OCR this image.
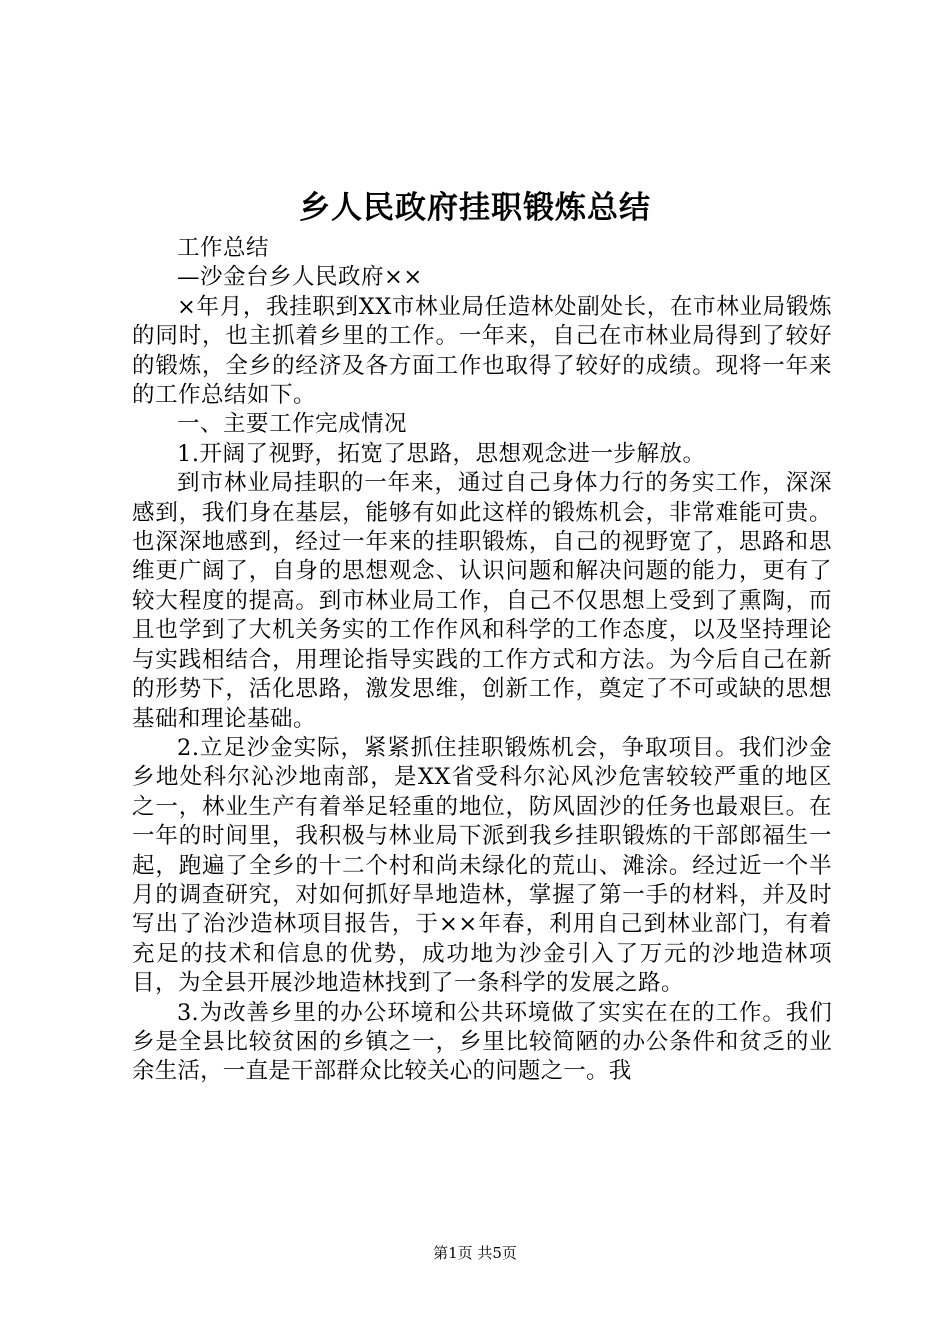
乡人民政府挂职锻炼总结

工作总结

—沙金台乡人民政府××

×年月，我挂职到XX市林业局任造林处副处长，在市林业局锻炼的同时，也主抓着乡里的工作。一年来，自己在市林业局得到了较好的锻炼，全乡的经济及各方面工作也取得了较好的成绩。现将一年来的工作总结如下。

一、主要工作完成情况

1.开阔了视野，拓宽了思路，思想观念进一步解放。

到市林业局挂职的一年来，通过自己身体力行的务实工作，深深感到，我们身在基层，能够有如此这样的锻炼机会，非常难能可贵。也深深地感到，经过一年来的挂职锻炼，自己的视野宽了，思路和思维更广阔了，自身的思想观念、认识问题和解决问题的能力，更有了较大程度的提高。到市林业局工作，自己不仅思想上受到了熏陶，而且也学到了大机关务实的工作作风和科学的工作态度，以及坚持理论与实践相结合，用理论指导实践的工作方式和方法。为今后自己在新的形势下，活化思路，激发思维，创新工作，奠定了不可或缺的思想基础和理论基础。

2.立足沙金实际，紧紧抓住挂职锻炼机会，争取项目。我们沙金乡地处科尔沁沙地南部，是XX省受科尔沁风沙危害较较严重的地区之一，林业生产有着举足轻重的地位，防风固沙的任务也最艰巨。在一年的时间里，我积极与林业局下派到我乡挂职锻炼的干部郎福生一起，跑遍了全乡的十二个村和尚未绿化的荒山、滩涂。经过近一个半月的调查研究，对如何抓好旱地造林，掌握了第一手的材料，并及时写出了治沙造林项目报告，于××年春，利用自己到林业部门，有着充足的技术和信息的优势，成功地为沙金引入了万元的沙地造林项目，为全县开展沙地造林找到了一条科学的发展之路。

3.为改善乡里的办公环境和公共环境做了实实在在的工作。我们乡是全县比较贫困的乡镇之一，乡里比较简陋的办公条件和贫乏的业余生活，一直是干部群众比较关心的问题之一。我

第1页 共5页
